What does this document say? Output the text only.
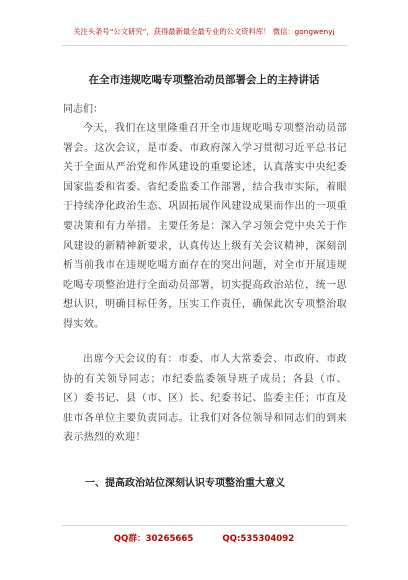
关注头条号“公文研究”，获得最新最全最专业的公文资料库！ 微信：gongwenyj
在全市违规吃喝专项整治动员部署会上的主持讲话
同志们：
今天，我们在这里隆重召开全市违规吃喝专项整治动员部署会。这次会议，是市委、市政府深入学习贯彻习近平总书记关于全面从严治党和作风建设的重要论述，认真落实中央纪委国家监委和省委、省纪委监委工作部署，结合我市实际，着眼于持续净化政治生态、巩固拓展作风建设成果而作出的一项重要决策和有力举措。主要任务是：深入学习领会党中央关于作风建设的新精神新要求，认真传达上级有关会议精神，深刻剖析当前我市在违规吃喝方面存在的突出问题，对全市开展违规吃喝专项整治进行全面动员部署，切实提高政治站位，统一思想认识，明确目标任务，压实工作责任，确保此次专项整治取得实效。
出席今天会议的有：市委、市人大常委会、市政府、市政协的有关领导同志；市纪委监委领导班子成员；各县（市、区）委书记、县（市、区）长、纪委书记、监委主任；市直及驻市各单位主要负责同志。让我们对各位领导和同志们的到来表示热烈的欢迎！
一、提高政治站位深刻认识专项整治重大意义
QQ群：30265665	QQ:535304092
